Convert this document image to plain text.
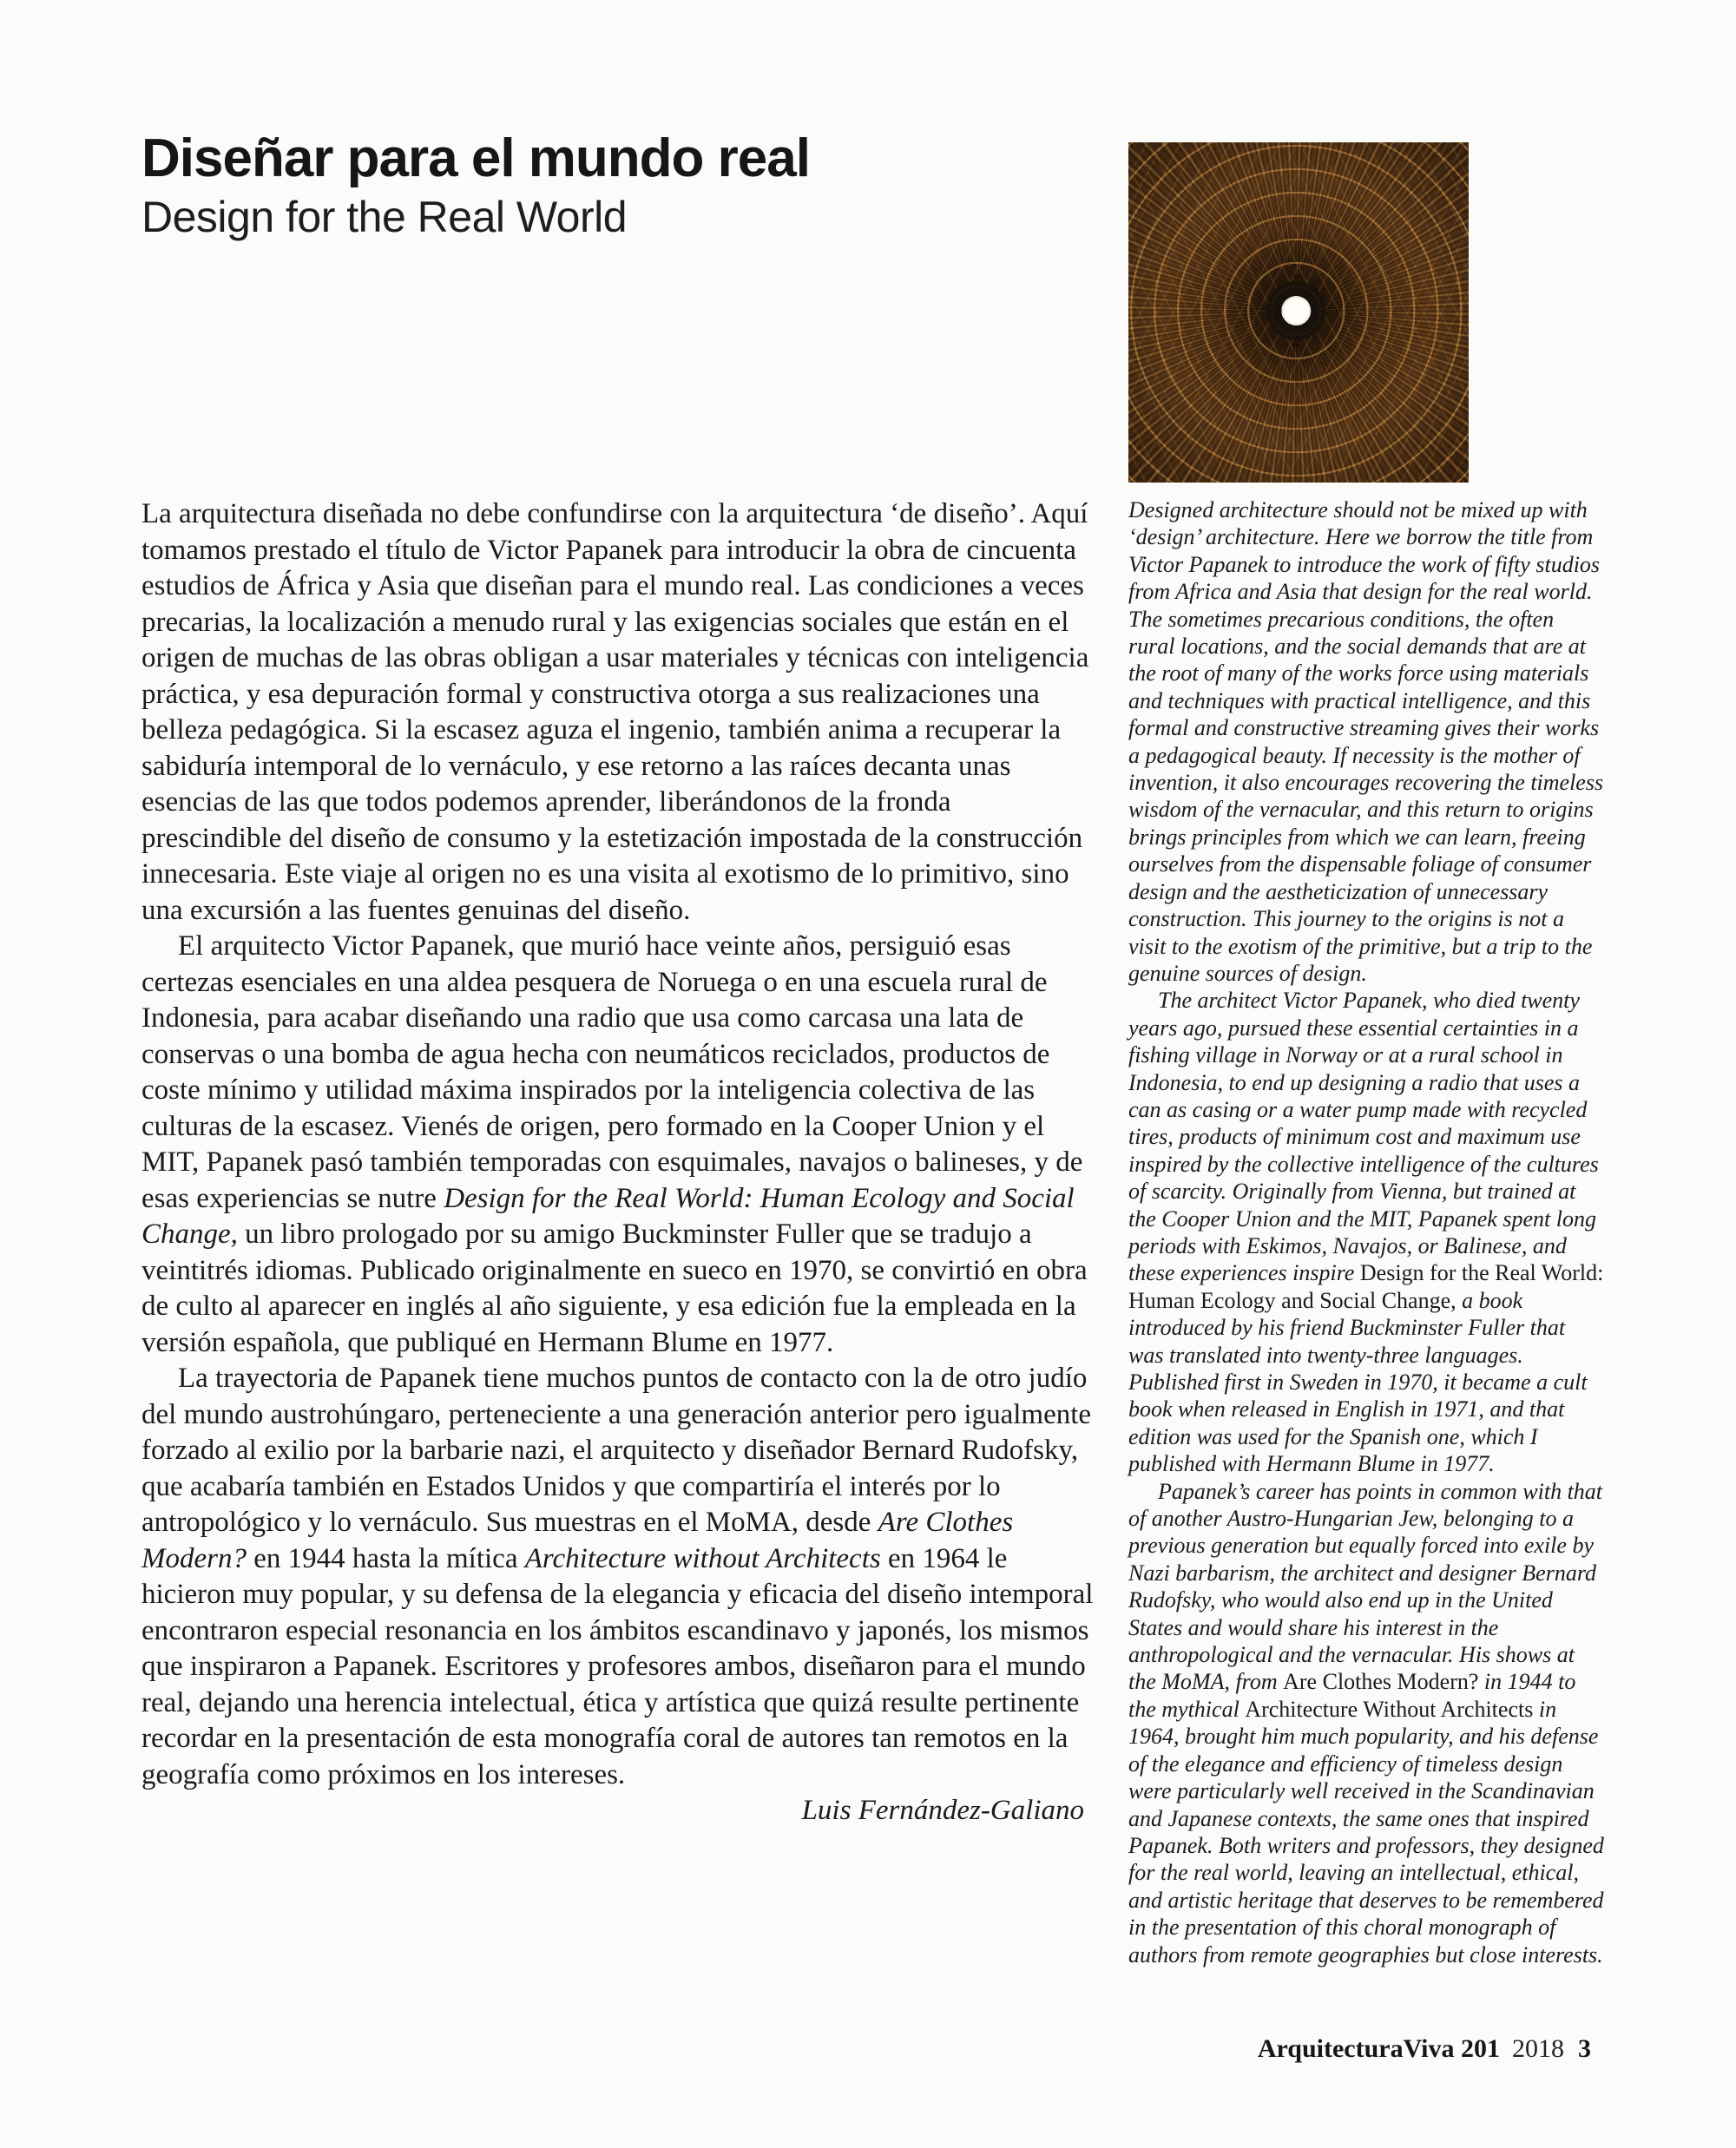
Diseñar para el mundo real
Design for the Real World

La arquitectura diseñada no debe confundirse con la arquitectura ‘de diseño’. Aquí tomamos prestado el título de Victor Papanek para introducir la obra de cincuenta estudios de África y Asia que diseñan para el mundo real. Las condiciones a veces precarias, la localización a menudo rural y las exigencias sociales que están en el origen de muchas de las obras obligan a usar materiales y técnicas con inteligencia práctica, y esa depuración formal y constructiva otorga a sus realizaciones una belleza pedagógica. Si la escasez aguza el ingenio, también anima a recuperar la sabiduría intemporal de lo vernáculo, y ese retorno a las raíces decanta unas esencias de las que todos podemos aprender, liberándonos de la fronda prescindible del diseño de consumo y la estetización impostada de la construcción innecesaria. Este viaje al origen no es una visita al exotismo de lo primitivo, sino una excursión a las fuentes genuinas del diseño.

El arquitecto Victor Papanek, que murió hace veinte años, persiguió esas certezas esenciales en una aldea pesquera de Noruega o en una escuela rural de Indonesia, para acabar diseñando una radio que usa como carcasa una lata de conservas o una bomba de agua hecha con neumáticos reciclados, productos de coste mínimo y utilidad máxima inspirados por la inteligencia colectiva de las culturas de la escasez. Vienés de origen, pero formado en la Cooper Union y el MIT, Papanek pasó también temporadas con esquimales, navajos o balineses, y de esas experiencias se nutre Design for the Real World: Human Ecology and Social Change, un libro prologado por su amigo Buckminster Fuller que se tradujo a veintitrés idiomas. Publicado originalmente en sueco en 1970, se convirtió en obra de culto al aparecer en inglés al año siguiente, y esa edición fue la empleada en la versión española, que publiqué en Hermann Blume en 1977.

La trayectoria de Papanek tiene muchos puntos de contacto con la de otro judío del mundo austrohúngaro, perteneciente a una generación anterior pero igualmente forzado al exilio por la barbarie nazi, el arquitecto y diseñador Bernard Rudofsky, que acabaría también en Estados Unidos y que compartiría el interés por lo antropológico y lo vernáculo. Sus muestras en el MoMA, desde Are Clothes Modern? en 1944 hasta la mítica Architecture without Architects en 1964 le hicieron muy popular, y su defensa de la elegancia y eficacia del diseño intemporal encontraron especial resonancia en los ámbitos escandinavo y japonés, los mismos que inspiraron a Papanek. Escritores y profesores ambos, diseñaron para el mundo real, dejando una herencia intelectual, ética y artística que quizá resulte pertinente recordar en la presentación de esta monografía coral de autores tan remotos en la geografía como próximos en los intereses.

Luis Fernández-Galiano

Designed architecture should not be mixed up with ‘design’ architecture. Here we borrow the title from Victor Papanek to introduce the work of fifty studios from Africa and Asia that design for the real world. The sometimes precarious conditions, the often rural locations, and the social demands that are at the root of many of the works force using materials and techniques with practical intelligence, and this formal and constructive streaming gives their works a pedagogical beauty. If necessity is the mother of invention, it also encourages recovering the timeless wisdom of the vernacular, and this return to origins brings principles from which we can learn, freeing ourselves from the dispensable foliage of consumer design and the aestheticization of unnecessary construction. This journey to the origins is not a visit to the exotism of the primitive, but a trip to the genuine sources of design.

The architect Victor Papanek, who died twenty years ago, pursued these essential certainties in a fishing village in Norway or at a rural school in Indonesia, to end up designing a radio that uses a can as casing or a water pump made with recycled tires, products of minimum cost and maximum use inspired by the collective intelligence of the cultures of scarcity. Originally from Vienna, but trained at the Cooper Union and the MIT, Papanek spent long periods with Eskimos, Navajos, or Balinese, and these experiences inspire Design for the Real World: Human Ecology and Social Change, a book introduced by his friend Buckminster Fuller that was translated into twenty-three languages. Published first in Sweden in 1970, it became a cult book when released in English in 1971, and that edition was used for the Spanish one, which I published with Hermann Blume in 1977.

Papanek’s career has points in common with that of another Austro-Hungarian Jew, belonging to a previous generation but equally forced into exile by Nazi barbarism, the architect and designer Bernard Rudofsky, who would also end up in the United States and would share his interest in the anthropological and the vernacular. His shows at the MoMA, from Are Clothes Modern? in 1944 to the mythical Architecture Without Architects in 1964, brought him much popularity, and his defense of the elegance and efficiency of timeless design were particularly well received in the Scandinavian and Japanese contexts, the same ones that inspired Papanek. Both writers and professors, they designed for the real world, leaving an intellectual, ethical, and artistic heritage that deserves to be remembered in the presentation of this choral monograph of authors from remote geographies but close interests.

ArquitecturaViva 201 2018 3
